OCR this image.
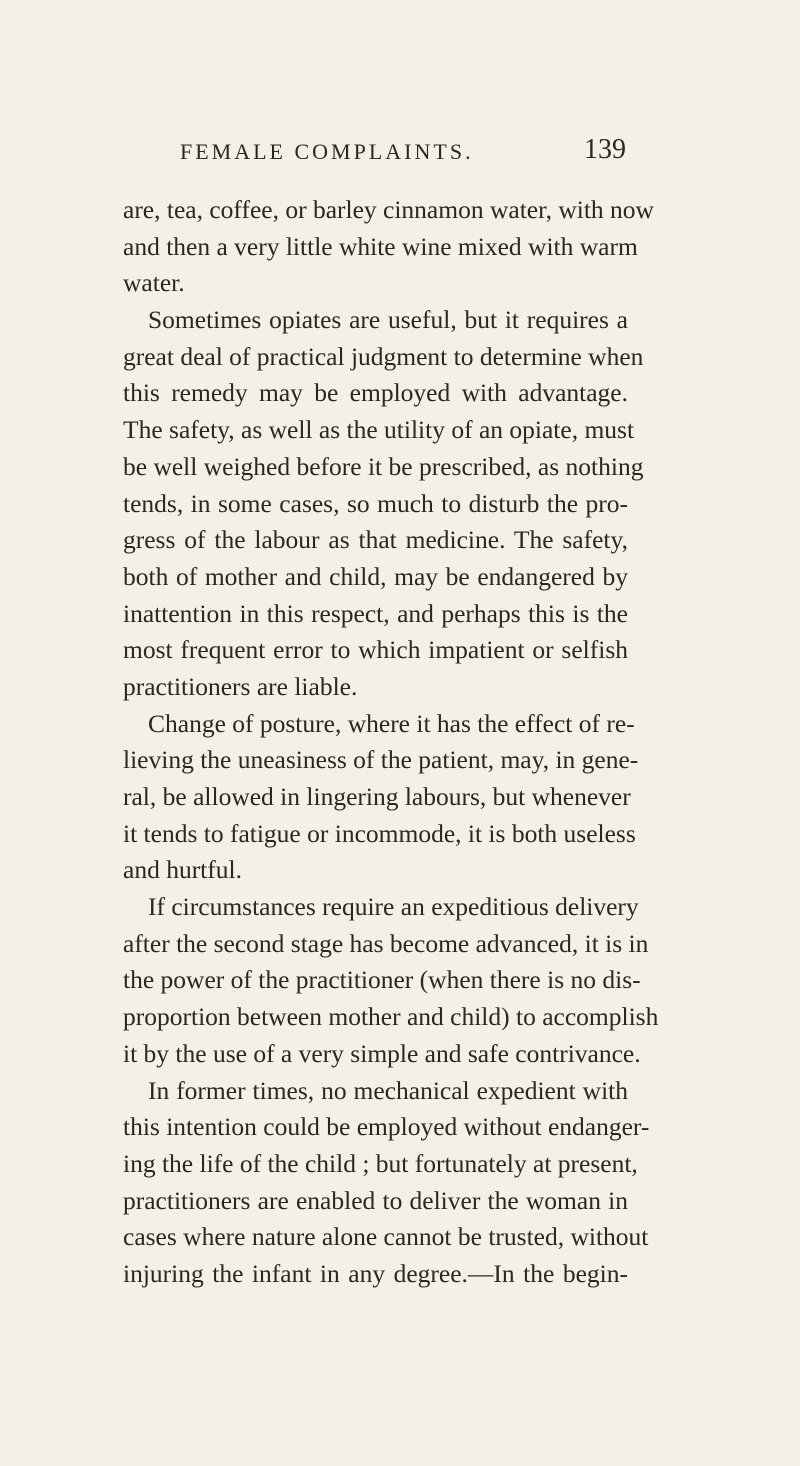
FEMALE COMPLAINTS.	139
are, tea, coffee, or barley cinnamon water, with now
and then a very little white wine mixed with warm
water.
Sometimes opiates are useful, but it requires a
great deal of practical judgment to determine when
this remedy may be employed with advantage.
The safety, as well as the utility of an opiate, must
be well weighed before it be prescribed, as nothing
tends, in some cases, so much to disturb the pro-
gress of the labour as that medicine. The safety,
both of mother and child, may be endangered by
inattention in this respect, and perhaps this is the
most frequent error to which impatient or selfish
practitioners are liable.
Change of posture, where it has the effect of re-
lieving the uneasiness of the patient, may, in gene-
ral, be allowed in lingering labours, but whenever
it tends to fatigue or incommode, it is both useless
and hurtful.
If circumstances require an expeditious delivery
after the second stage has become advanced, it is in
the power of the practitioner (when there is no dis-
proportion between mother and child) to accomplish
it by the use of a very simple and safe contrivance.
In former times, no mechanical expedient with
this intention could be employed without endanger-
ing the life of the child ; but fortunately at present,
practitioners are enabled to deliver the woman in
cases where nature alone cannot be trusted, without
injuring the infant in any degree.—In the begin-
